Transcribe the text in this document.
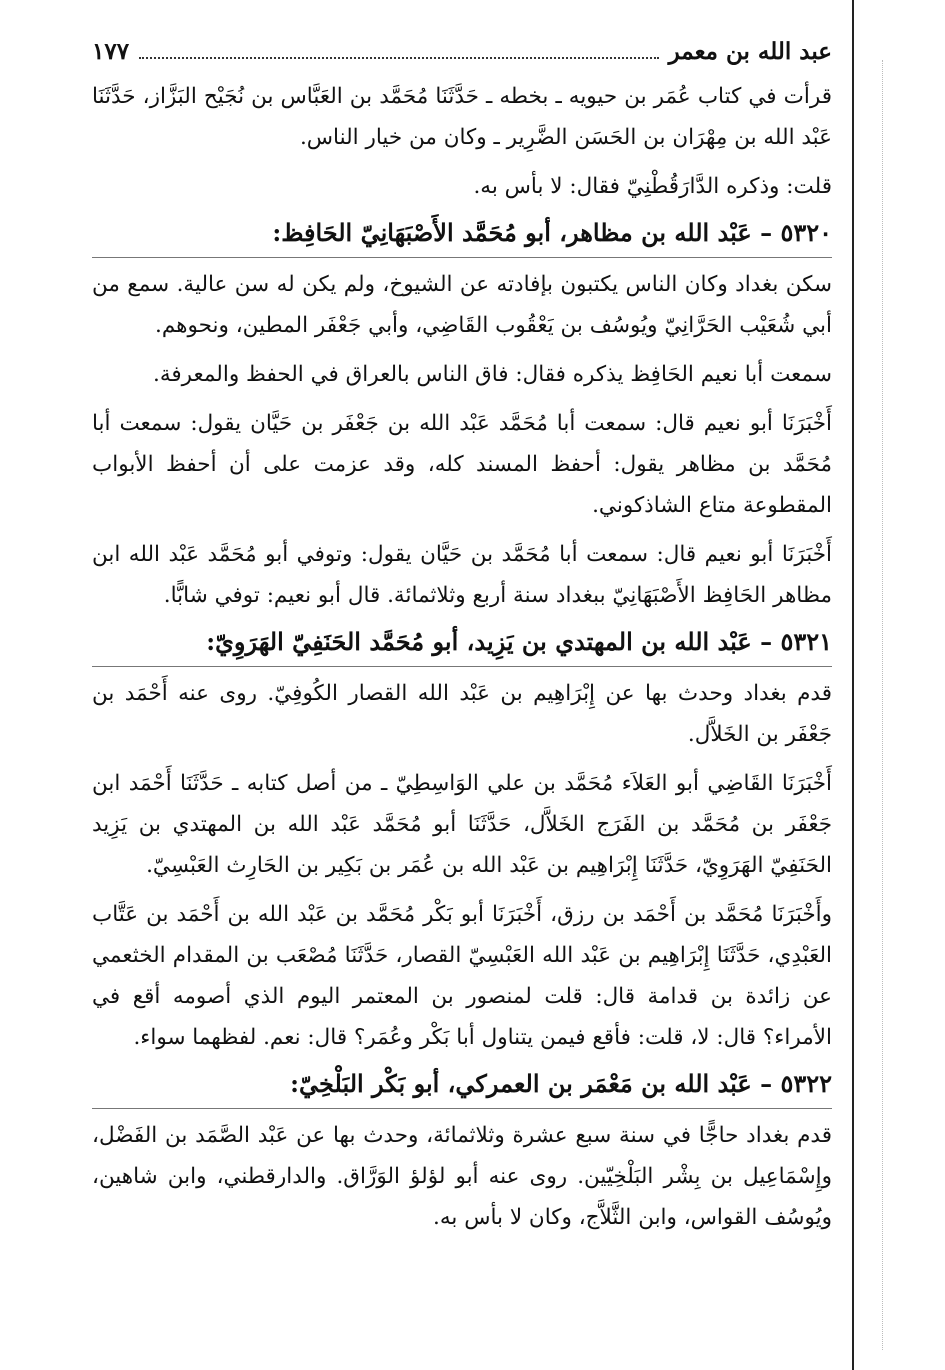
عبد الله بن معمر
١٧٧

قرأت في كتاب عُمَر بن حيويه ـ بخطه ـ حَدَّثَنَا مُحَمَّد بن العَبَّاس بن نُجَيْح البَزَّاز، حَدَّثَنَا عَبْد الله بن مِهْرَان بن الحَسَن الضَّرِير ـ وكان من خيار الناس.

قلت: وذكره الدَّارَقُطْنِيّ فقال: لا بأس به.

٥٣٢٠ – عَبْد الله بن مظاهر، أبو مُحَمَّد الأَصْبَهَانِيّ الحَافِظ:

سكن بغداد وكان الناس يكتبون بإفادته عن الشيوخ، ولم يكن له سن عالية. سمع من أبي شُعَيْب الحَرَّانِيّ ويُوسُف بن يَعْقُوب القَاضِي، وأبي جَعْفَر المطين، ونحوهم.

سمعت أبا نعيم الحَافِظ يذكره فقال: فاق الناس بالعراق في الحفظ والمعرفة.

أَخْبَرَنَا أبو نعيم قال: سمعت أبا مُحَمَّد عَبْد الله بن جَعْفَر بن حَيَّان يقول: سمعت أبا مُحَمَّد بن مظاهر يقول: أحفظ المسند كله، وقد عزمت على أن أحفظ الأبواب المقطوعة متاع الشاذكوني.

أَخْبَرَنَا أبو نعيم قال: سمعت أبا مُحَمَّد بن حَيَّان يقول: وتوفي أبو مُحَمَّد عَبْد الله ابن مظاهر الحَافِظ الأَصْبَهَانِيّ ببغداد سنة أربع وثلاثمائة. قال أبو نعيم: توفي شابًّا.

٥٣٢١ – عَبْد الله بن المهتدي بن يَزِيد، أبو مُحَمَّد الحَنَفِيّ الهَرَوِيّ:

قدم بغداد وحدث بها عن إِبْرَاهِيم بن عَبْد الله القصار الكُوفِيّ. روى عنه أَحْمَد بن جَعْفَر بن الخَلاَّل.

أَخْبَرَنَا القَاضِي أبو العَلاَء مُحَمَّد بن علي الوَاسِطِيّ ـ من أصل كتابه ـ حَدَّثَنَا أَحْمَد ابن جَعْفَر بن مُحَمَّد بن الفَرَج الخَلاَّل، حَدَّثَنَا أبو مُحَمَّد عَبْد الله بن المهتدي بن يَزِيد الحَنَفِيّ الهَرَوِيّ، حَدَّثَنَا إِبْرَاهِيم بن عَبْد الله بن عُمَر بن بَكِير بن الحَارِث العَبْسِيّ.

وأَخْبَرَنَا مُحَمَّد بن أَحْمَد بن رزق، أَخْبَرَنَا أبو بَكْر مُحَمَّد بن عَبْد الله بن أَحْمَد بن عَتَّاب العَبْدِي، حَدَّثَنَا إِبْرَاهِيم بن عَبْد الله العَبْسِيّ القصار، حَدَّثَنَا مُصْعَب بن المقدام الخثعمي عن زائدة بن قدامة قال: قلت لمنصور بن المعتمر اليوم الذي أصومه أقع في الأمراء؟ قال: لا، قلت: فأقع فيمن يتناول أبا بَكْر وعُمَر؟ قال: نعم. لفظهما سواء.

٥٣٢٢ – عَبْد الله بن مَعْمَر بن العمركي، أبو بَكْر البَلْخِيّ:

قدم بغداد حاجًّا في سنة سبع عشرة وثلاثمائة، وحدث بها عن عَبْد الصَّمَد بن الفَضْل، وإِسْمَاعِيل بن بِشْر البَلْخِيّين. روى عنه أبو لؤلؤ الوَرَّاق. والدارقطني، وابن شاهين، ويُوسُف القواس، وابن الثَّلاَّج، وكان لا بأس به.
